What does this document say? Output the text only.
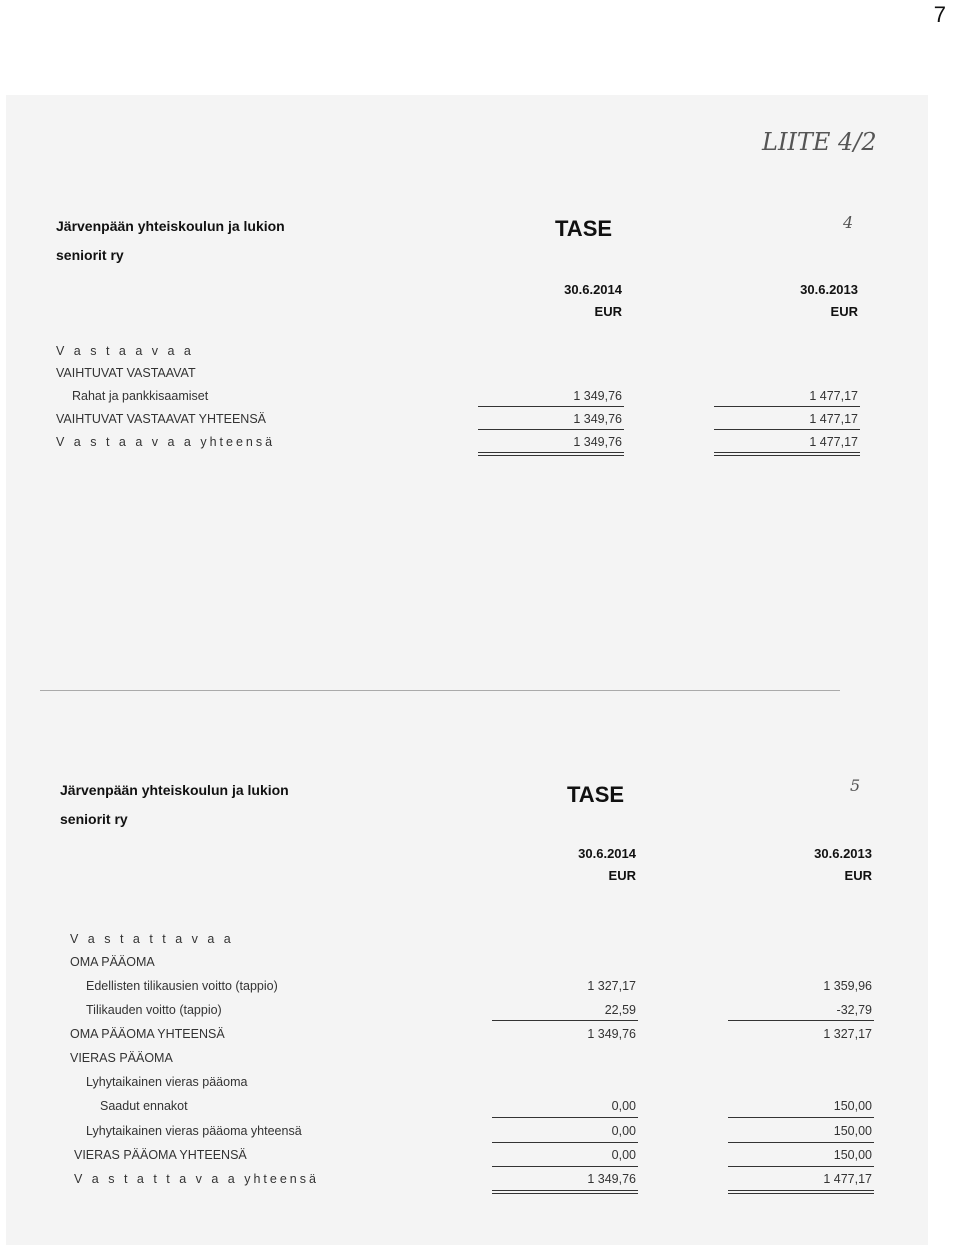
7
LIITE 4/2
Järvenpään yhteiskoulun ja lukion
seniorit ry
TASE	4
30.6.2014
EUR
30.6.2013
EUR
V a s t a a v a a
VAIHTUVAT VASTAAVAT
Rahat ja pankkisaamiset	1 349,76	1 477,17
VAIHTUVAT VASTAAVAT YHTEENSÄ	1 349,76	1 477,17
V a s t a a v a a yhteensä	1 349,76	1 477,17
Järvenpään yhteiskoulun ja lukion
seniorit ry
TASE	5
30.6.2014
EUR
30.6.2013
EUR
V a s t a t t a v a a
OMA PÄÄOMA
Edellisten tilikausien voitto (tappio)	1 327,17	1 359,96
Tilikauden voitto (tappio)	22,59	-32,79
OMA PÄÄOMA YHTEENSÄ	1 349,76	1 327,17
VIERAS PÄÄOMA
Lyhytaikainen vieras pääoma
Saadut ennakot	0,00	150,00
Lyhytaikainen vieras pääoma yhteensä	0,00	150,00
VIERAS PÄÄOMA YHTEENSÄ	0,00	150,00
V a s t a t t a v a a yhteensä	1 349,76	1 477,17
